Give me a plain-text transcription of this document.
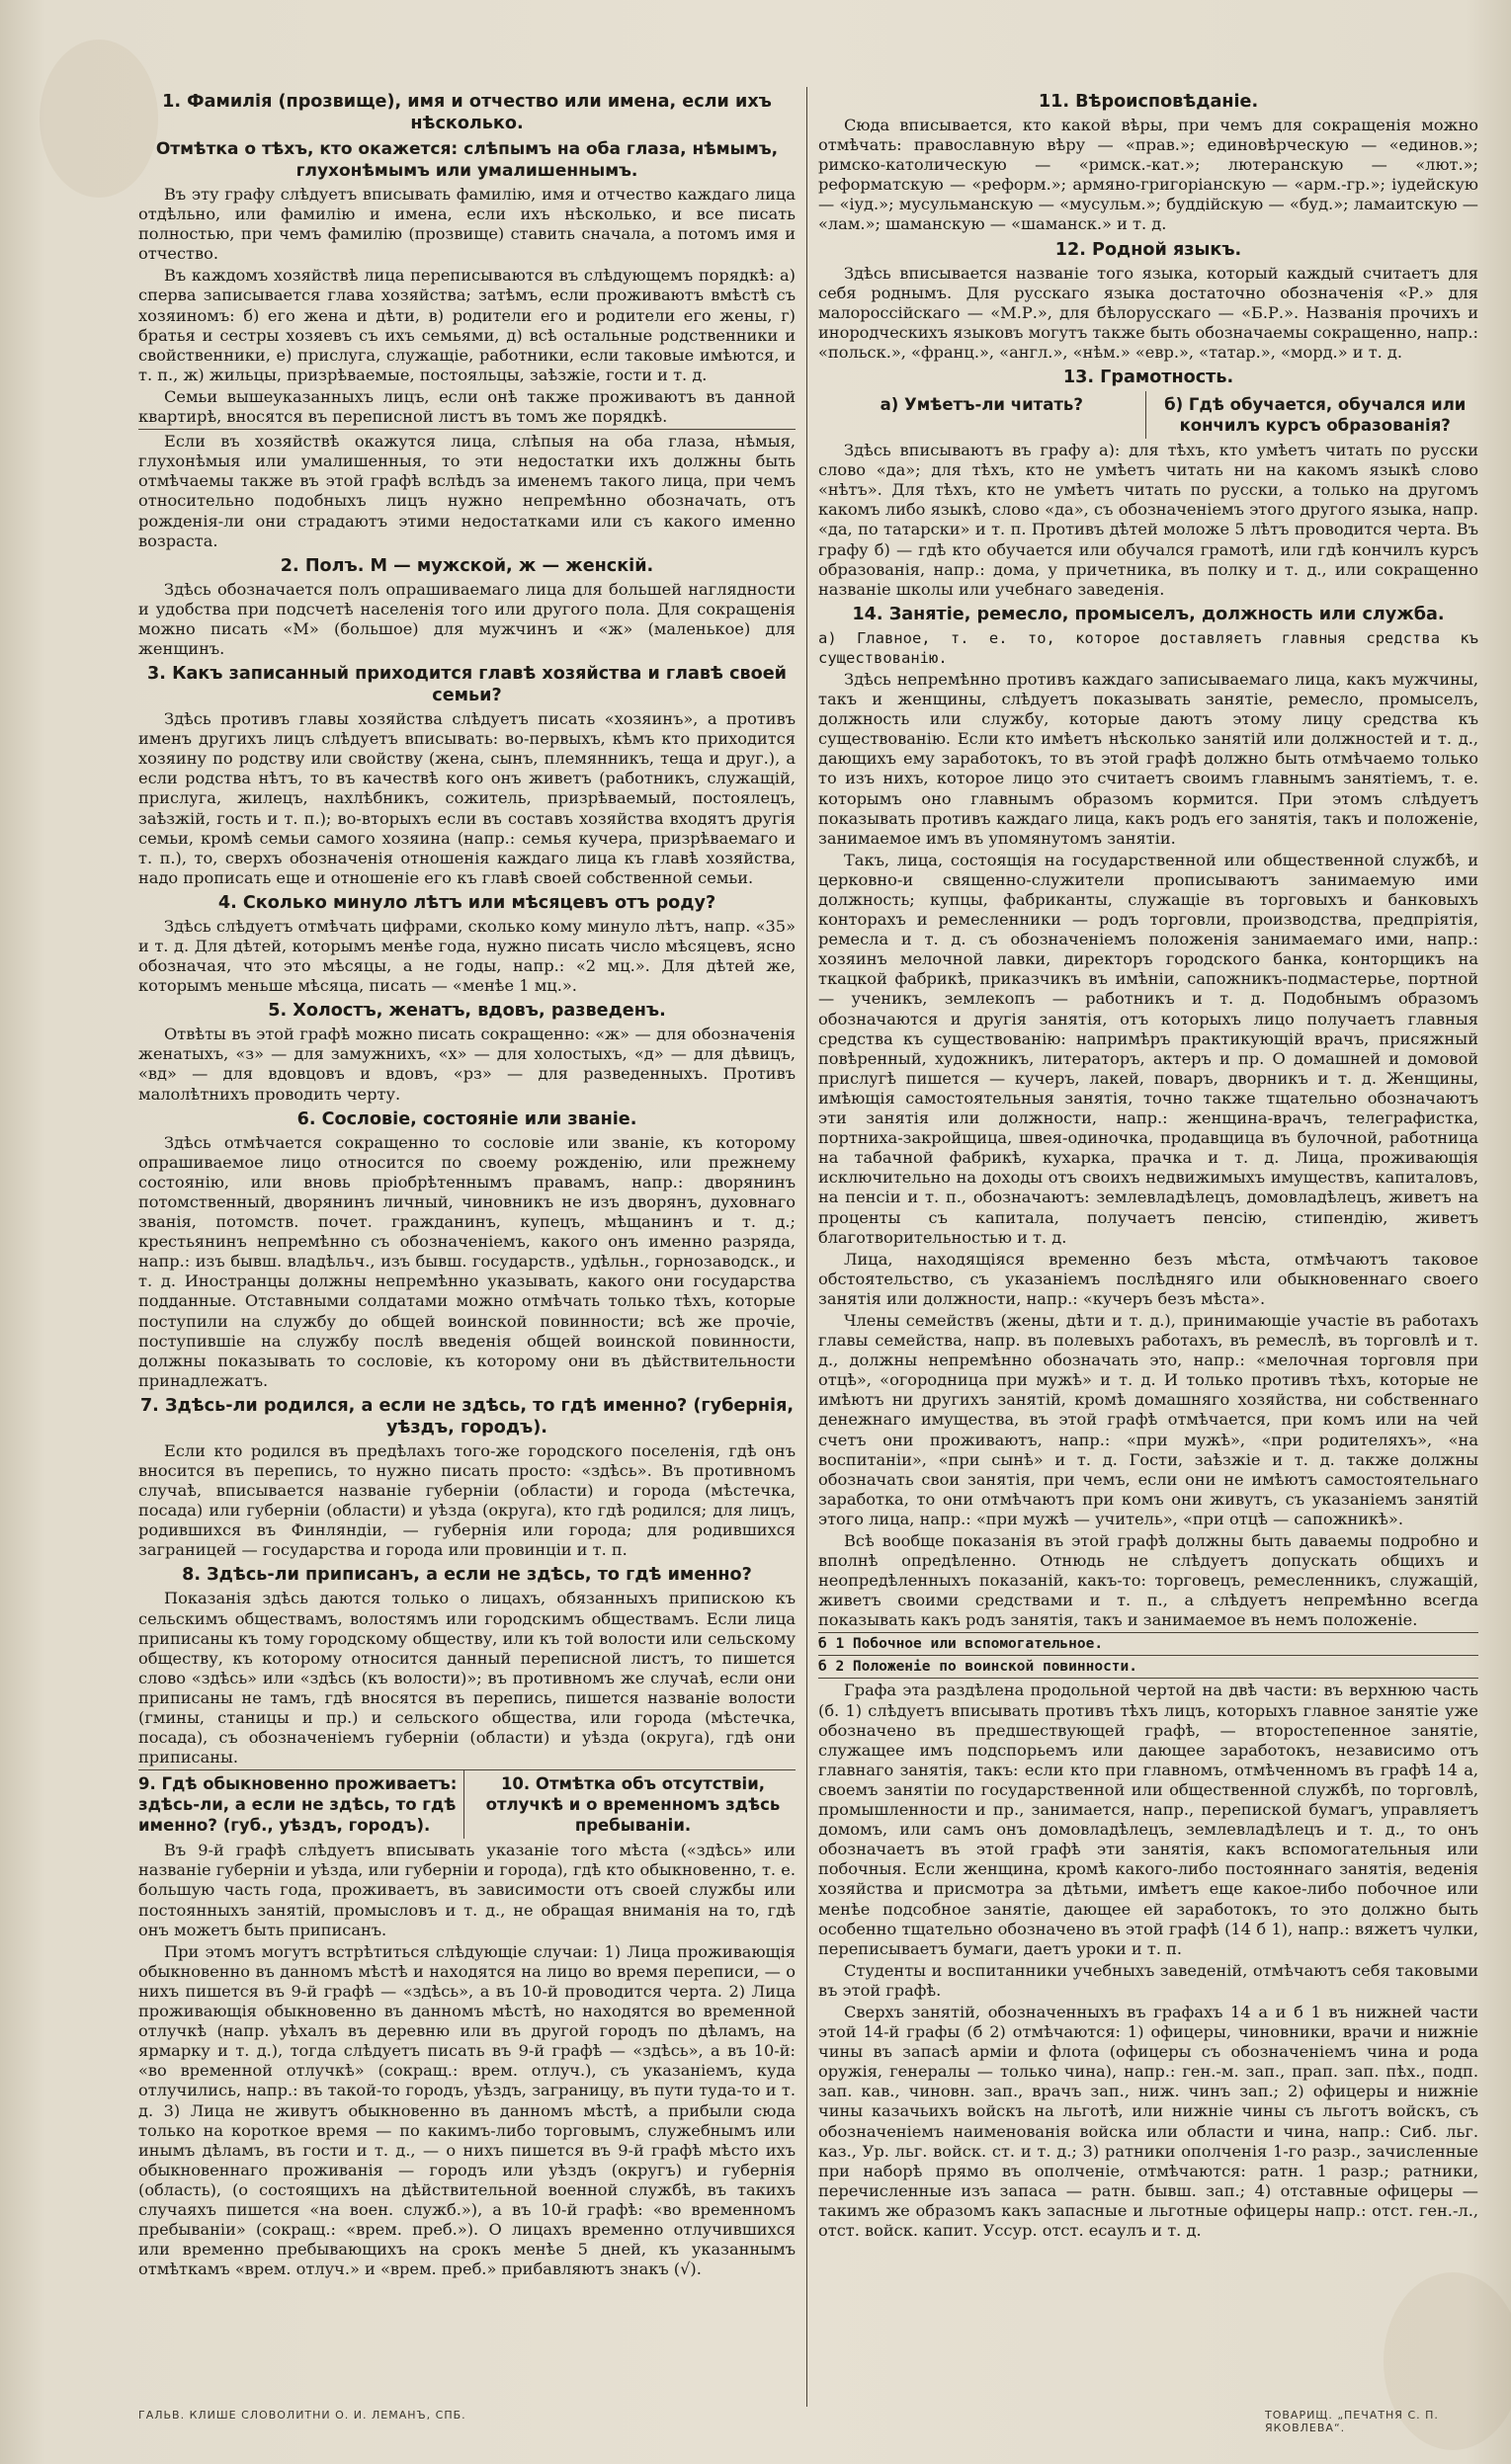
1. Фамилія (прозвище), имя и отчество или имена, если ихъ нѣсколько.
Отмѣтка о тѣхъ, кто окажется: слѣпымъ на оба глаза, нѣмымъ, глухонѣмымъ или умалишеннымъ.

Въ эту графу слѣдуетъ вписывать фамилію, имя и отчество каждаго лица отдѣльно, или фамилію и имена, если ихъ нѣсколько, и все писать полностью, при чемъ фамилію (прозвище) ставить сначала, а потомъ имя и отчество.

Въ каждомъ хозяйствѣ лица переписываются въ слѣдующемъ порядкѣ: а) сперва записывается глава хозяйства; затѣмъ, если проживаютъ вмѣстѣ съ хозяиномъ: б) его жена и дѣти, в) родители его и родители его жены, г) братья и сестры хозяевъ съ ихъ семьями, д) всѣ остальные родственники и свойственники, е) прислуга, служащіе, работники, если таковые имѣются, и т. п., ж) жильцы, призрѣваемые, постояльцы, заѣзжіе, гости и т. д.

Семьи вышеуказанныхъ лицъ, если онѣ также проживаютъ въ данной квартирѣ, вносятся въ переписной листъ въ томъ же порядкѣ.

Если въ хозяйствѣ окажутся лица, слѣпыя на оба глаза, нѣмыя, глухонѣмыя или умалишенныя, то эти недостатки ихъ должны быть отмѣчаемы также въ этой графѣ вслѣдъ за именемъ такого лица, при чемъ относительно подобныхъ лицъ нужно непремѣнно обозначать, отъ рожденія-ли они страдаютъ этими недостатками или съ какого именно возраста.

2. Полъ. М — мужской, ж — женскій.

Здѣсь обозначается полъ опрашиваемаго лица для большей наглядности и удобства при подсчетѣ населенія того или другого пола. Для сокращенія можно писать «М» (большое) для мужчинъ и «ж» (маленькое) для женщинъ.

3. Какъ записанный приходится главѣ хозяйства и главѣ своей семьи?

Здѣсь противъ главы хозяйства слѣдуетъ писать «хозяинъ», а противъ именъ другихъ лицъ слѣдуетъ вписывать: во-первыхъ, кѣмъ кто приходится хозяину по родству или свойству (жена, сынъ, племянникъ, теща и друг.), а если родства нѣтъ, то въ качествѣ кого онъ живетъ (работникъ, служащій, прислуга, жилецъ, нахлѣбникъ, сожитель, призрѣваемый, постоялецъ, заѣзжій, гость и т. п.); во-вторыхъ если въ составъ хозяйства входятъ другія семьи, кромѣ семьи самого хозяина (напр.: семья кучера, призрѣваемаго и т. п.), то, сверхъ обозначенія отношенія каждаго лица къ главѣ хозяйства, надо прописать еще и отношеніе его къ главѣ своей собственной семьи.

4. Сколько минуло лѣтъ или мѣсяцевъ отъ роду?

Здѣсь слѣдуетъ отмѣчать цифрами, сколько кому минуло лѣтъ, напр. «35» и т. д. Для дѣтей, которымъ менѣе года, нужно писать число мѣсяцевъ, ясно обозначая, что это мѣсяцы, а не годы, напр.: «2 мц.». Для дѣтей же, которымъ меньше мѣсяца, писать — «менѣе 1 мц.».

5. Холостъ, женатъ, вдовъ, разведенъ.

Отвѣты въ этой графѣ можно писать сокращенно: «ж» — для обозначенія женатыхъ, «з» — для замужнихъ, «х» — для холостыхъ, «д» — для дѣвицъ, «вд» — для вдовцовъ и вдовъ, «рз» — для разведенныхъ. Противъ малолѣтнихъ проводить черту.

6. Сословіе, состояніе или званіе.

Здѣсь отмѣчается сокращенно то сословіе или званіе, къ которому опрашиваемое лицо относится по своему рожденію, или прежнему состоянію, или вновь пріобрѣтеннымъ правамъ, напр.: дворянинъ потомственный, дворянинъ личный, чиновникъ не изъ дворянъ, духовнаго званія, потомств. почет. гражданинъ, купецъ, мѣщанинъ и т. д.; крестьянинъ непремѣнно съ обозначеніемъ, какого онъ именно разряда, напр.: изъ бывш. владѣльч., изъ бывш. государств., удѣльн., горнозаводск., и т. д. Иностранцы должны непремѣнно указывать, какого они государства подданные. Отставными солдатами можно отмѣчать только тѣхъ, которые поступили на службу до общей воинской повинности; всѣ же прочіе, поступившіе на службу послѣ введенія общей воинской повинности, должны показывать то сословіе, къ которому они въ дѣйствительности принадлежатъ.

7. Здѣсь-ли родился, а если не здѣсь, то гдѣ именно? (губернія, уѣздъ, городъ).

Если кто родился въ предѣлахъ того-же городского поселенія, гдѣ онъ вносится въ перепись, то нужно писать просто: «здѣсь». Въ противномъ случаѣ, вписывается названіе губерніи (области) и города (мѣстечка, посада) или губерніи (области) и уѣзда (округа), кто гдѣ родился; для лицъ, родившихся въ Финляндіи, — губернія или города; для родившихся заграницей — государства и города или провинціи и т. п.

8. Здѣсь-ли приписанъ, а если не здѣсь, то гдѣ именно?

Показанія здѣсь даются только о лицахъ, обязанныхъ припискою къ сельскимъ обществамъ, волостямъ или городскимъ обществамъ. Если лица приписаны къ тому городскому обществу, или къ той волости или сельскому обществу, къ которому относится данный переписной листъ, то пишется слово «здѣсь» или «здѣсь (къ волости)»; въ противномъ же случаѣ, если они приписаны не тамъ, гдѣ вносятся въ перепись, пишется названіе волости (гмины, станицы и пр.) и сельского общества, или города (мѣстечка, посада), съ обозначеніемъ губерніи (области) и уѣзда (округа), гдѣ они приписаны.

9. Гдѣ обыкновенно проживаетъ: здѣсь-ли, а если не здѣсь, то гдѣ именно? (губ., уѣздъ, городъ).
10. Отмѣтка объ отсутствіи, отлучкѣ и о временномъ здѣсь пребываніи.

Въ 9-й графѣ слѣдуетъ вписывать указаніе того мѣста («здѣсь» или названіе губерніи и уѣзда, или губерніи и города), гдѣ кто обыкновенно, т. е. большую часть года, проживаетъ, въ зависимости отъ своей службы или постоянныхъ занятій, промысловъ и т. д., не обращая вниманія на то, гдѣ онъ можетъ быть приписанъ.

При этомъ могутъ встрѣтиться слѣдующіе случаи: 1) Лица проживающія обыкновенно въ данномъ мѣстѣ и находятся на лицо во время переписи, — о нихъ пишется въ 9-й графѣ — «здѣсь», а въ 10-й проводится черта. 2) Лица проживающія обыкновенно въ данномъ мѣстѣ, но находятся во временной отлучкѣ (напр. уѣхалъ въ деревню или въ другой городъ по дѣламъ, на ярмарку и т. д.), тогда слѣдуетъ писать въ 9-й графѣ — «здѣсь», а въ 10-й: «во временной отлучкѣ» (сокращ.: врем. отлуч.), съ указаніемъ, куда отлучились, напр.: въ такой-то городъ, уѣздъ, заграницу, въ пути туда-то и т. д. 3) Лица не живутъ обыкновенно въ данномъ мѣстѣ, а прибыли сюда только на короткое время — по какимъ-либо торговымъ, служебнымъ или инымъ дѣламъ, въ гости и т. д., — о нихъ пишется въ 9-й графѣ мѣсто ихъ обыкновеннаго проживанія — городъ или уѣздъ (округъ) и губернія (область), (о состоящихъ на дѣйствительной военной службѣ, въ такихъ случаяхъ пишется «на воен. служб.»), а въ 10-й графѣ: «во временномъ пребываніи» (сокращ.: «врем. преб.»). О лицахъ временно отлучившихся или временно пребывающихъ на срокъ менѣе 5 дней, къ указаннымъ отмѣткамъ «врем. отлуч.» и «врем. преб.» прибавляютъ знакъ (√).

11. Вѣроисповѣданіе.

Сюда вписывается, кто какой вѣры, при чемъ для сокращенія можно отмѣчать: православную вѣру — «прав.»; единовѣрческую — «единов.»; римско-католическую — «римск.-кат.»; лютеранскую — «лют.»; реформатскую — «реформ.»; армяно-григоріанскую — «арм.-гр.»; іудейскую — «іуд.»; мусульманскую — «мусульм.»; буддійскую — «буд.»; ламаитскую — «лам.»; шаманскую — «шаманск.» и т. д.

12. Родной языкъ.

Здѣсь вписывается названіе того языка, который каждый считаетъ для себя роднымъ. Для русскаго языка достаточно обозначенія «Р.» для малороссійскаго — «М.Р.», для бѣлорусскаго — «Б.Р.». Названія прочихъ и инородческихъ языковъ могутъ также быть обозначаемы сокращенно, напр.: «польск.», «франц.», «англ.», «нѣм.» «евр.», «татар.», «морд.» и т. д.

13. Грамотность.
а) Умѣетъ-ли читать?	б) Гдѣ обучается, обучался или кончилъ курсъ образованія?

Здѣсь вписываютъ въ графу а): для тѣхъ, кто умѣетъ читать по русски слово «да»; для тѣхъ, кто не умѣетъ читать ни на какомъ языкѣ слово «нѣтъ». Для тѣхъ, кто не умѣетъ читать по русски, а только на другомъ какомъ либо языкѣ, слово «да», съ обозначеніемъ этого другого языка, напр. «да, по татарски» и т. п. Противъ дѣтей моложе 5 лѣтъ проводится черта. Въ графу б) — гдѣ кто обучается или обучался грамотѣ, или гдѣ кончилъ курсъ образованія, напр.: дома, у причетника, въ полку и т. д., или сокращенно названіе школы или учебнаго заведенія.

14. Занятіе, ремесло, промыселъ, должность или служба.

а) Главное, т. е. то, которое доставляетъ главныя средства къ существованію.

Здѣсь непремѣнно противъ каждаго записываемаго лица, какъ мужчины, такъ и женщины, слѣдуетъ показывать занятіе, ремесло, промыселъ, должность или службу, которые даютъ этому лицу средства къ существованію. Если кто имѣетъ нѣсколько занятій или должностей и т. д., дающихъ ему заработокъ, то въ этой графѣ должно быть отмѣчаемо только то изъ нихъ, которое лицо это считаетъ своимъ главнымъ занятіемъ, т. е. которымъ оно главнымъ образомъ кормится. При этомъ слѣдуетъ показывать противъ каждаго лица, какъ родъ его занятія, такъ и положеніе, занимаемое имъ въ упомянутомъ занятіи.

Такъ, лица, состоящія на государственной или общественной службѣ, и церковно-и священно-служители прописываютъ занимаемую ими должность; купцы, фабриканты, служащіе въ торговыхъ и банковыхъ конторахъ и ремесленники — родъ торговли, производства, предпріятія, ремесла и т. д. съ обозначеніемъ положенія занимаемаго ими, напр.: хозяинъ мелочной лавки, директоръ городского банка, конторщикъ на ткацкой фабрикѣ, приказчикъ въ имѣніи, сапожникъ-подмастерье, портной — ученикъ, землекопъ — работникъ и т. д. Подобнымъ образомъ обозначаются и другія занятія, отъ которыхъ лицо получаетъ главныя средства къ существованію: напримѣръ практикующій врачъ, присяжный повѣренный, художникъ, литераторъ, актеръ и пр. О домашней и домовой прислугѣ пишется — кучеръ, лакей, поваръ, дворникъ и т. д. Женщины, имѣющія самостоятельныя занятія, точно также тщательно обозначаютъ эти занятія или должности, напр.: женщина-врачъ, телеграфистка, портниха-закройщица, швея-одиночка, продавщица въ булочной, работница на табачной фабрикѣ, кухарка, прачка и т. д. Лица, проживающія исключительно на доходы отъ своихъ недвижимыхъ имуществъ, капиталовъ, на пенсіи и т. п., обозначаютъ: землевладѣлецъ, домовладѣлецъ, живетъ на проценты съ капитала, получаетъ пенсію, стипендію, живетъ благотворительностью и т. д.

Лица, находящіяся временно безъ мѣста, отмѣчаютъ таковое обстоятельство, съ указаніемъ послѣдняго или обыкновеннаго своего занятія или должности, напр.: «кучеръ безъ мѣста».

Члены семействъ (жены, дѣти и т. д.), принимающіе участіе въ работахъ главы семейства, напр. въ полевыхъ работахъ, въ ремеслѣ, въ торговлѣ и т. д., должны непремѣнно обозначать это, напр.: «мелочная торговля при отцѣ», «огородница при мужѣ» и т. д. И только противъ тѣхъ, которые не имѣютъ ни другихъ занятій, кромѣ домашняго хозяйства, ни собственнаго денежнаго имущества, въ этой графѣ отмѣчается, при комъ или на чей счетъ они проживаютъ, напр.: «при мужѣ», «при родителяхъ», «на воспитаніи», «при сынѣ» и т. д. Гости, заѣзжіе и т. д. также должны обозначать свои занятія, при чемъ, если они не имѣютъ самостоятельнаго заработка, то они отмѣчаютъ при комъ они живутъ, съ указаніемъ занятій этого лица, напр.: «при мужѣ — учитель», «при отцѣ — сапожникѣ».

Всѣ вообще показанія въ этой графѣ должны быть даваемы подробно и вполнѣ опредѣленно. Отнюдь не слѣдуетъ допускать общихъ и неопредѣленныхъ показаній, какъ-то: торговецъ, ремесленникъ, служащій, живетъ своими средствами и т. п., а слѣдуетъ непремѣнно всегда показывать какъ родъ занятія, такъ и занимаемое въ немъ положеніе.

б 1 Побочное или вспомогательное.
б 2 Положеніе по воинской повинности.

Графа эта раздѣлена продольной чертой на двѣ части: въ верхнюю часть (б. 1) слѣдуетъ вписывать противъ тѣхъ лицъ, которыхъ главное занятіе уже обозначено въ предшествующей графѣ, — второстепенное занятіе, служащее имъ подспорьемъ или дающее заработокъ, независимо отъ главнаго занятія, такъ: если кто при главномъ, отмѣченномъ въ графѣ 14 а, своемъ занятіи по государственной или общественной службѣ, по торговлѣ, промышленности и пр., занимается, напр., перепиской бумагъ, управляетъ домомъ, или самъ онъ домовладѣлецъ, землевладѣлецъ и т. д., то онъ обозначаетъ въ этой графѣ эти занятія, какъ вспомогательныя или побочныя. Если женщина, кромѣ какого-либо постояннаго занятія, веденія хозяйства и присмотра за дѣтьми, имѣетъ еще какое-либо побочное или менѣе подсобное занятіе, дающее ей заработокъ, то это должно быть особенно тщательно обозначено въ этой графѣ (14 б 1), напр.: вяжетъ чулки, переписываетъ бумаги, даетъ уроки и т. п.

Студенты и воспитанники учебныхъ заведеній, отмѣчаютъ себя таковыми въ этой графѣ.

Сверхъ занятій, обозначенныхъ въ графахъ 14 а и б 1 въ нижней части этой 14-й графы (б 2) отмѣчаются: 1) офицеры, чиновники, врачи и нижніе чины въ запасѣ арміи и флота (офицеры съ обозначеніемъ чина и рода оружія, генералы — только чина), напр.: ген.-м. зап., прап. зап. пѣх., подп. зап. кав., чиновн. зап., врачъ зап., ниж. чинъ зап.; 2) офицеры и нижніе чины казачьихъ войскъ на льготѣ, или нижніе чины съ льготъ войскъ, съ обозначеніемъ наименованія войска или области и чина, напр.: Сиб. льг. каз., Ур. льг. войск. ст. и т. д.; 3) ратники ополченія 1-го разр., зачисленные при наборѣ прямо въ ополченіе, отмѣчаются: ратн. 1 разр.; ратники, перечисленные изъ запаса — ратн. бывш. зап.; 4) отставные офицеры — такимъ же образомъ какъ запасные и льготные офицеры напр.: отст. ген.-л., отст. войск. капит. Уссур. отст. есаулъ и т. д.

ГАЛЬВ. КЛИШЕ СЛОВОЛИТНИ О. И. ЛЕМАНЪ, СПБ.	ТОВАРИЩ. „ПЕЧАТНЯ С. П. ЯКОВЛЕВА“.
